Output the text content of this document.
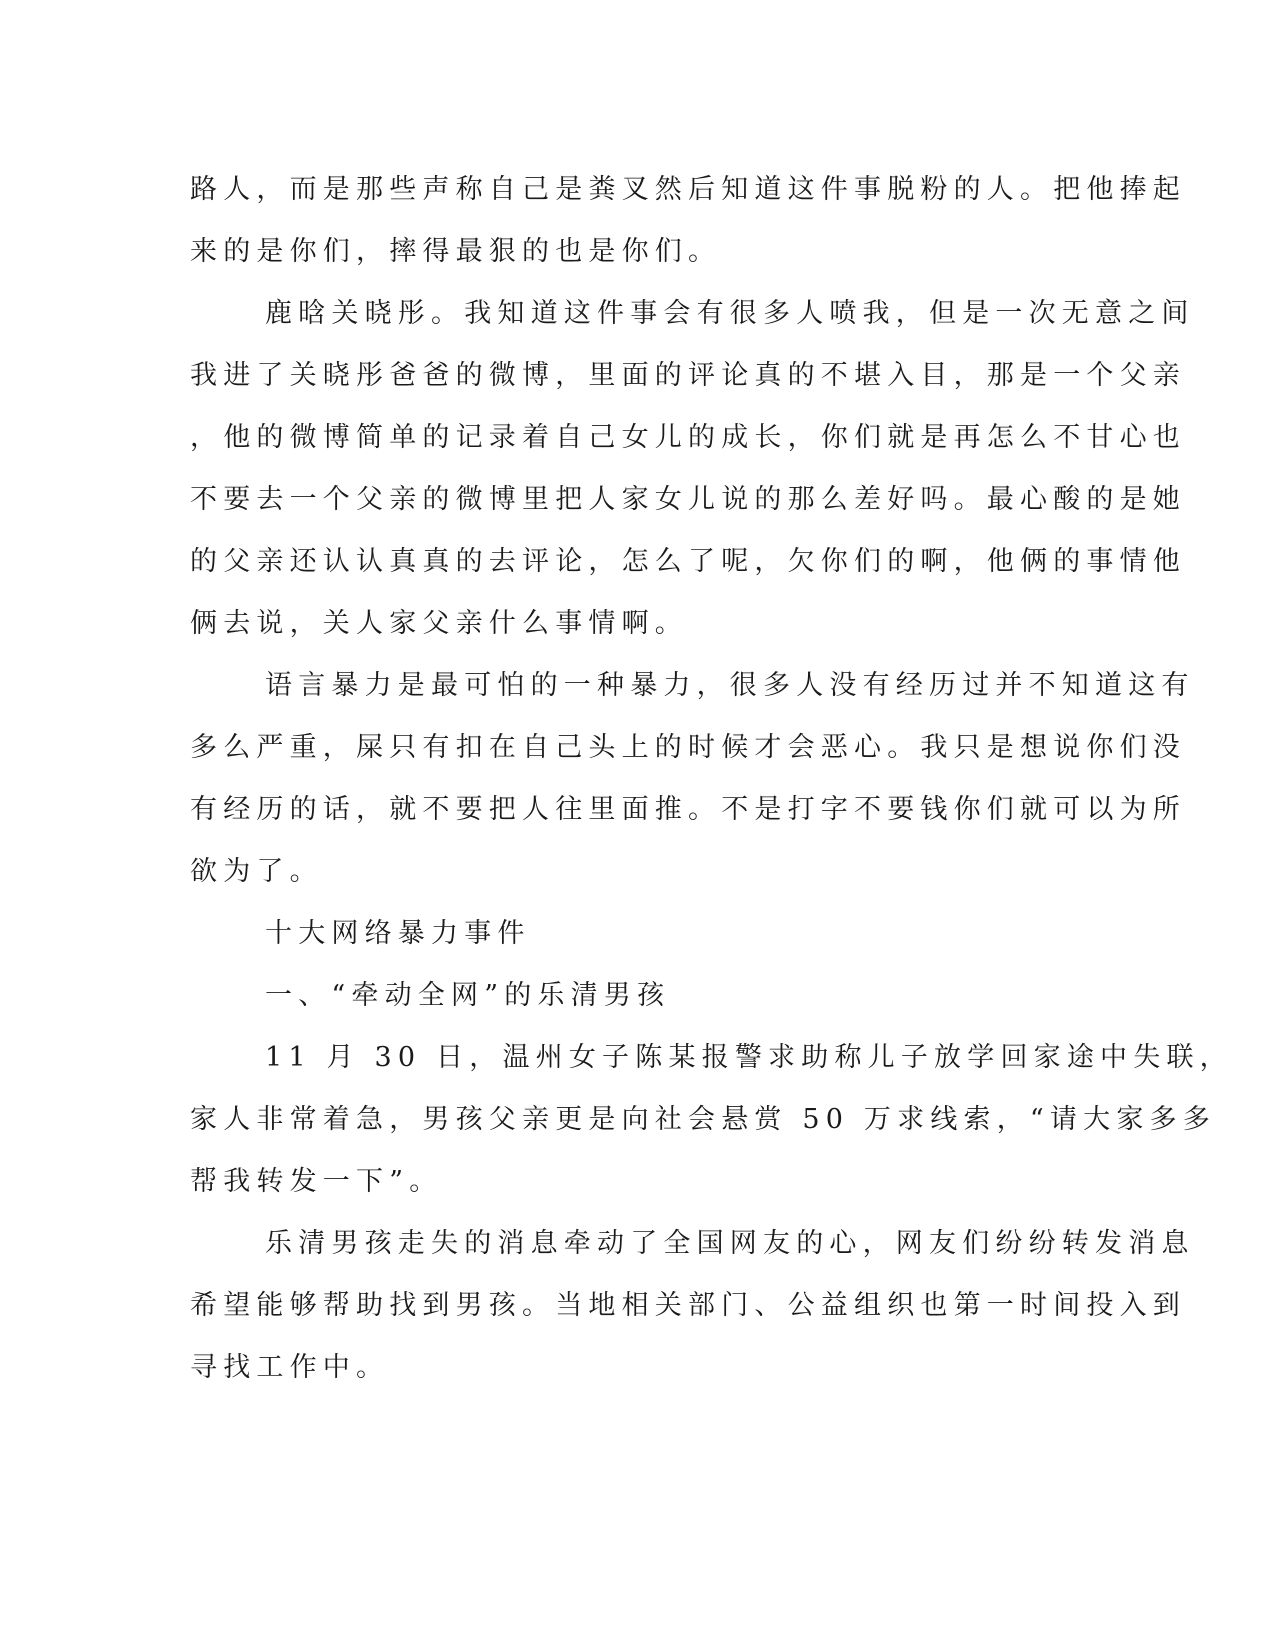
路人，而是那些声称自己是粪叉然后知道这件事脱粉的人。把他捧起
来的是你们，摔得最狠的也是你们。
鹿晗关晓彤。我知道这件事会有很多人喷我，但是一次无意之间
我进了关晓彤爸爸的微博，里面的评论真的不堪入目，那是一个父亲
，他的微博简单的记录着自己女儿的成长，你们就是再怎么不甘心也
不要去一个父亲的微博里把人家女儿说的那么差好吗。最心酸的是她
的父亲还认认真真的去评论，怎么了呢，欠你们的啊，他俩的事情他
俩去说，关人家父亲什么事情啊。
语言暴力是最可怕的一种暴力，很多人没有经历过并不知道这有
多么严重，屎只有扣在自己头上的时候才会恶心。我只是想说你们没
有经历的话，就不要把人往里面推。不是打字不要钱你们就可以为所
欲为了。
十大网络暴力事件
一、“牵动全网”的乐清男孩
11 月 30 日，温州女子陈某报警求助称儿子放学回家途中失联，
家人非常着急，男孩父亲更是向社会悬赏 50 万求线索，“请大家多多
帮我转发一下”。
乐清男孩走失的消息牵动了全国网友的心，网友们纷纷转发消息
希望能够帮助找到男孩。当地相关部门、公益组织也第一时间投入到
寻找工作中。
